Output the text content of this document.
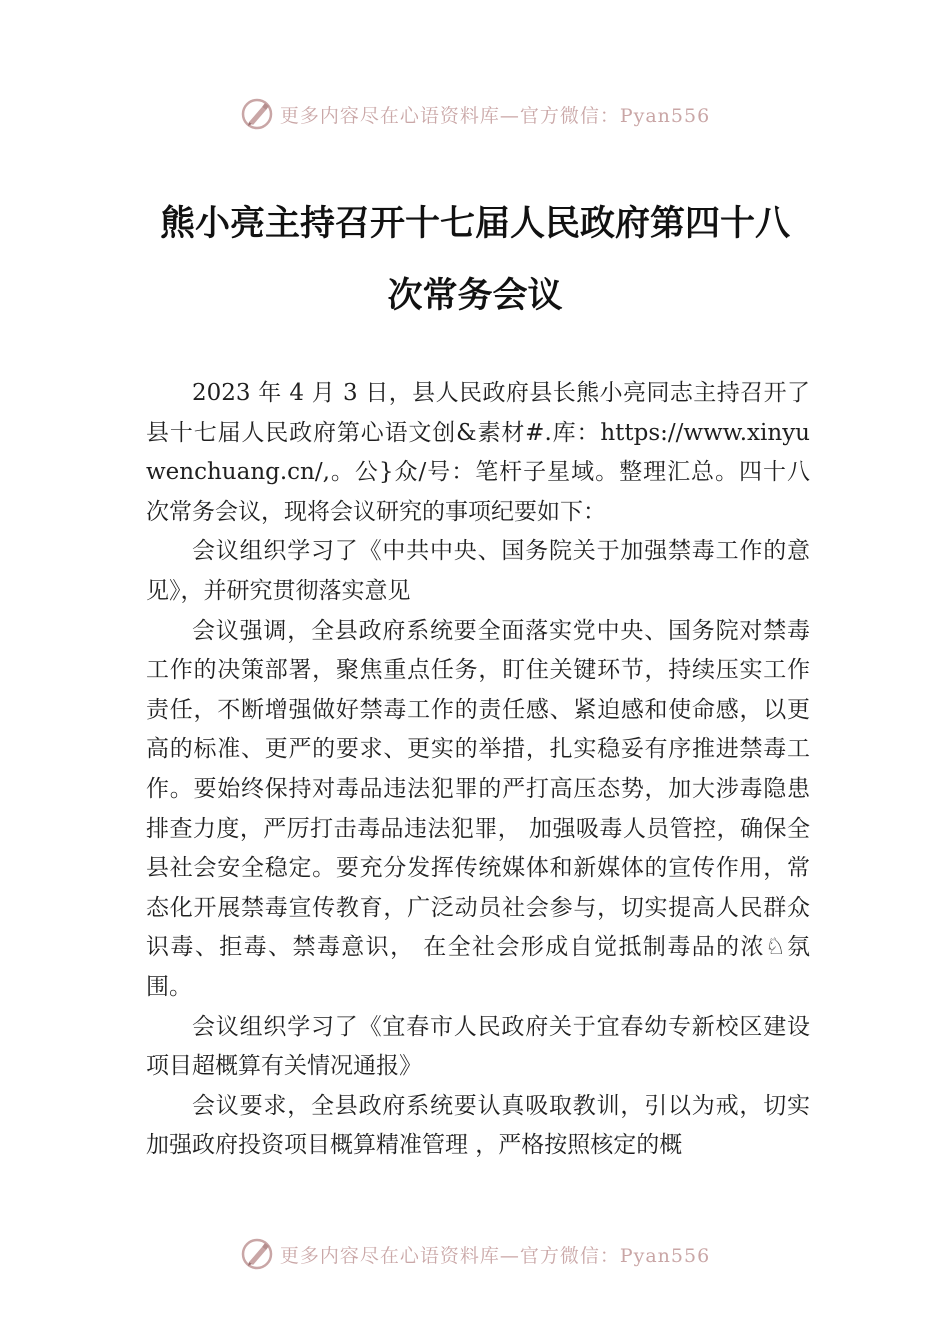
更多内容尽在心语资料库—官方微信：Pyan556
熊小亮主持召开十七届人民政府第四十八
次常务会议

2023 年 4 月 3 日，县人民政府县长熊小亮同志主持召开了县十七届人民政府第心语文创&素材#.库：https://www.xinyuwenchuang.cn/,。公}众/号：笔杆子星域。整理汇总。四十八次常务会议，现将会议研究的事项纪要如下：

会议组织学习了《中共中央、国务院关于加强禁毒工作的意见》，并研究贯彻落实意见

会议强调，全县政府系统要全面落实党中央、国务院对禁毒工作的决策部署，聚焦重点任务，盯住关键环节，持续压实工作责任，不断增强做好禁毒工作的责任感、紧迫感和使命感，以更高的标准、更严的要求、更实的举措，扎实稳妥有序推进禁毒工作。要始终保持对毒品违法犯罪的严打高压态势，加大涉毒隐患排查力度，严厉打击毒品违法犯罪， 加强吸毒人员管控，确保全县社会安全稳定。要充分发挥传统媒体和新媒体的宣传作用，常态化开展禁毒宣传教育，广泛动员社会参与，切实提高人民群众识毒、拒毒、禁毒意识， 在全社会形成自觉抵制毒品的浓♘氛围。

会议组织学习了《宜春市人民政府关于宜春幼专新校区建设项目超概算有关情况通报》

会议要求，全县政府系统要认真吸取教训，引以为戒，切实加强政府投资项目概算精准管理 ，严格按照核定的概

更多内容尽在心语资料库—官方微信：Pyan556
